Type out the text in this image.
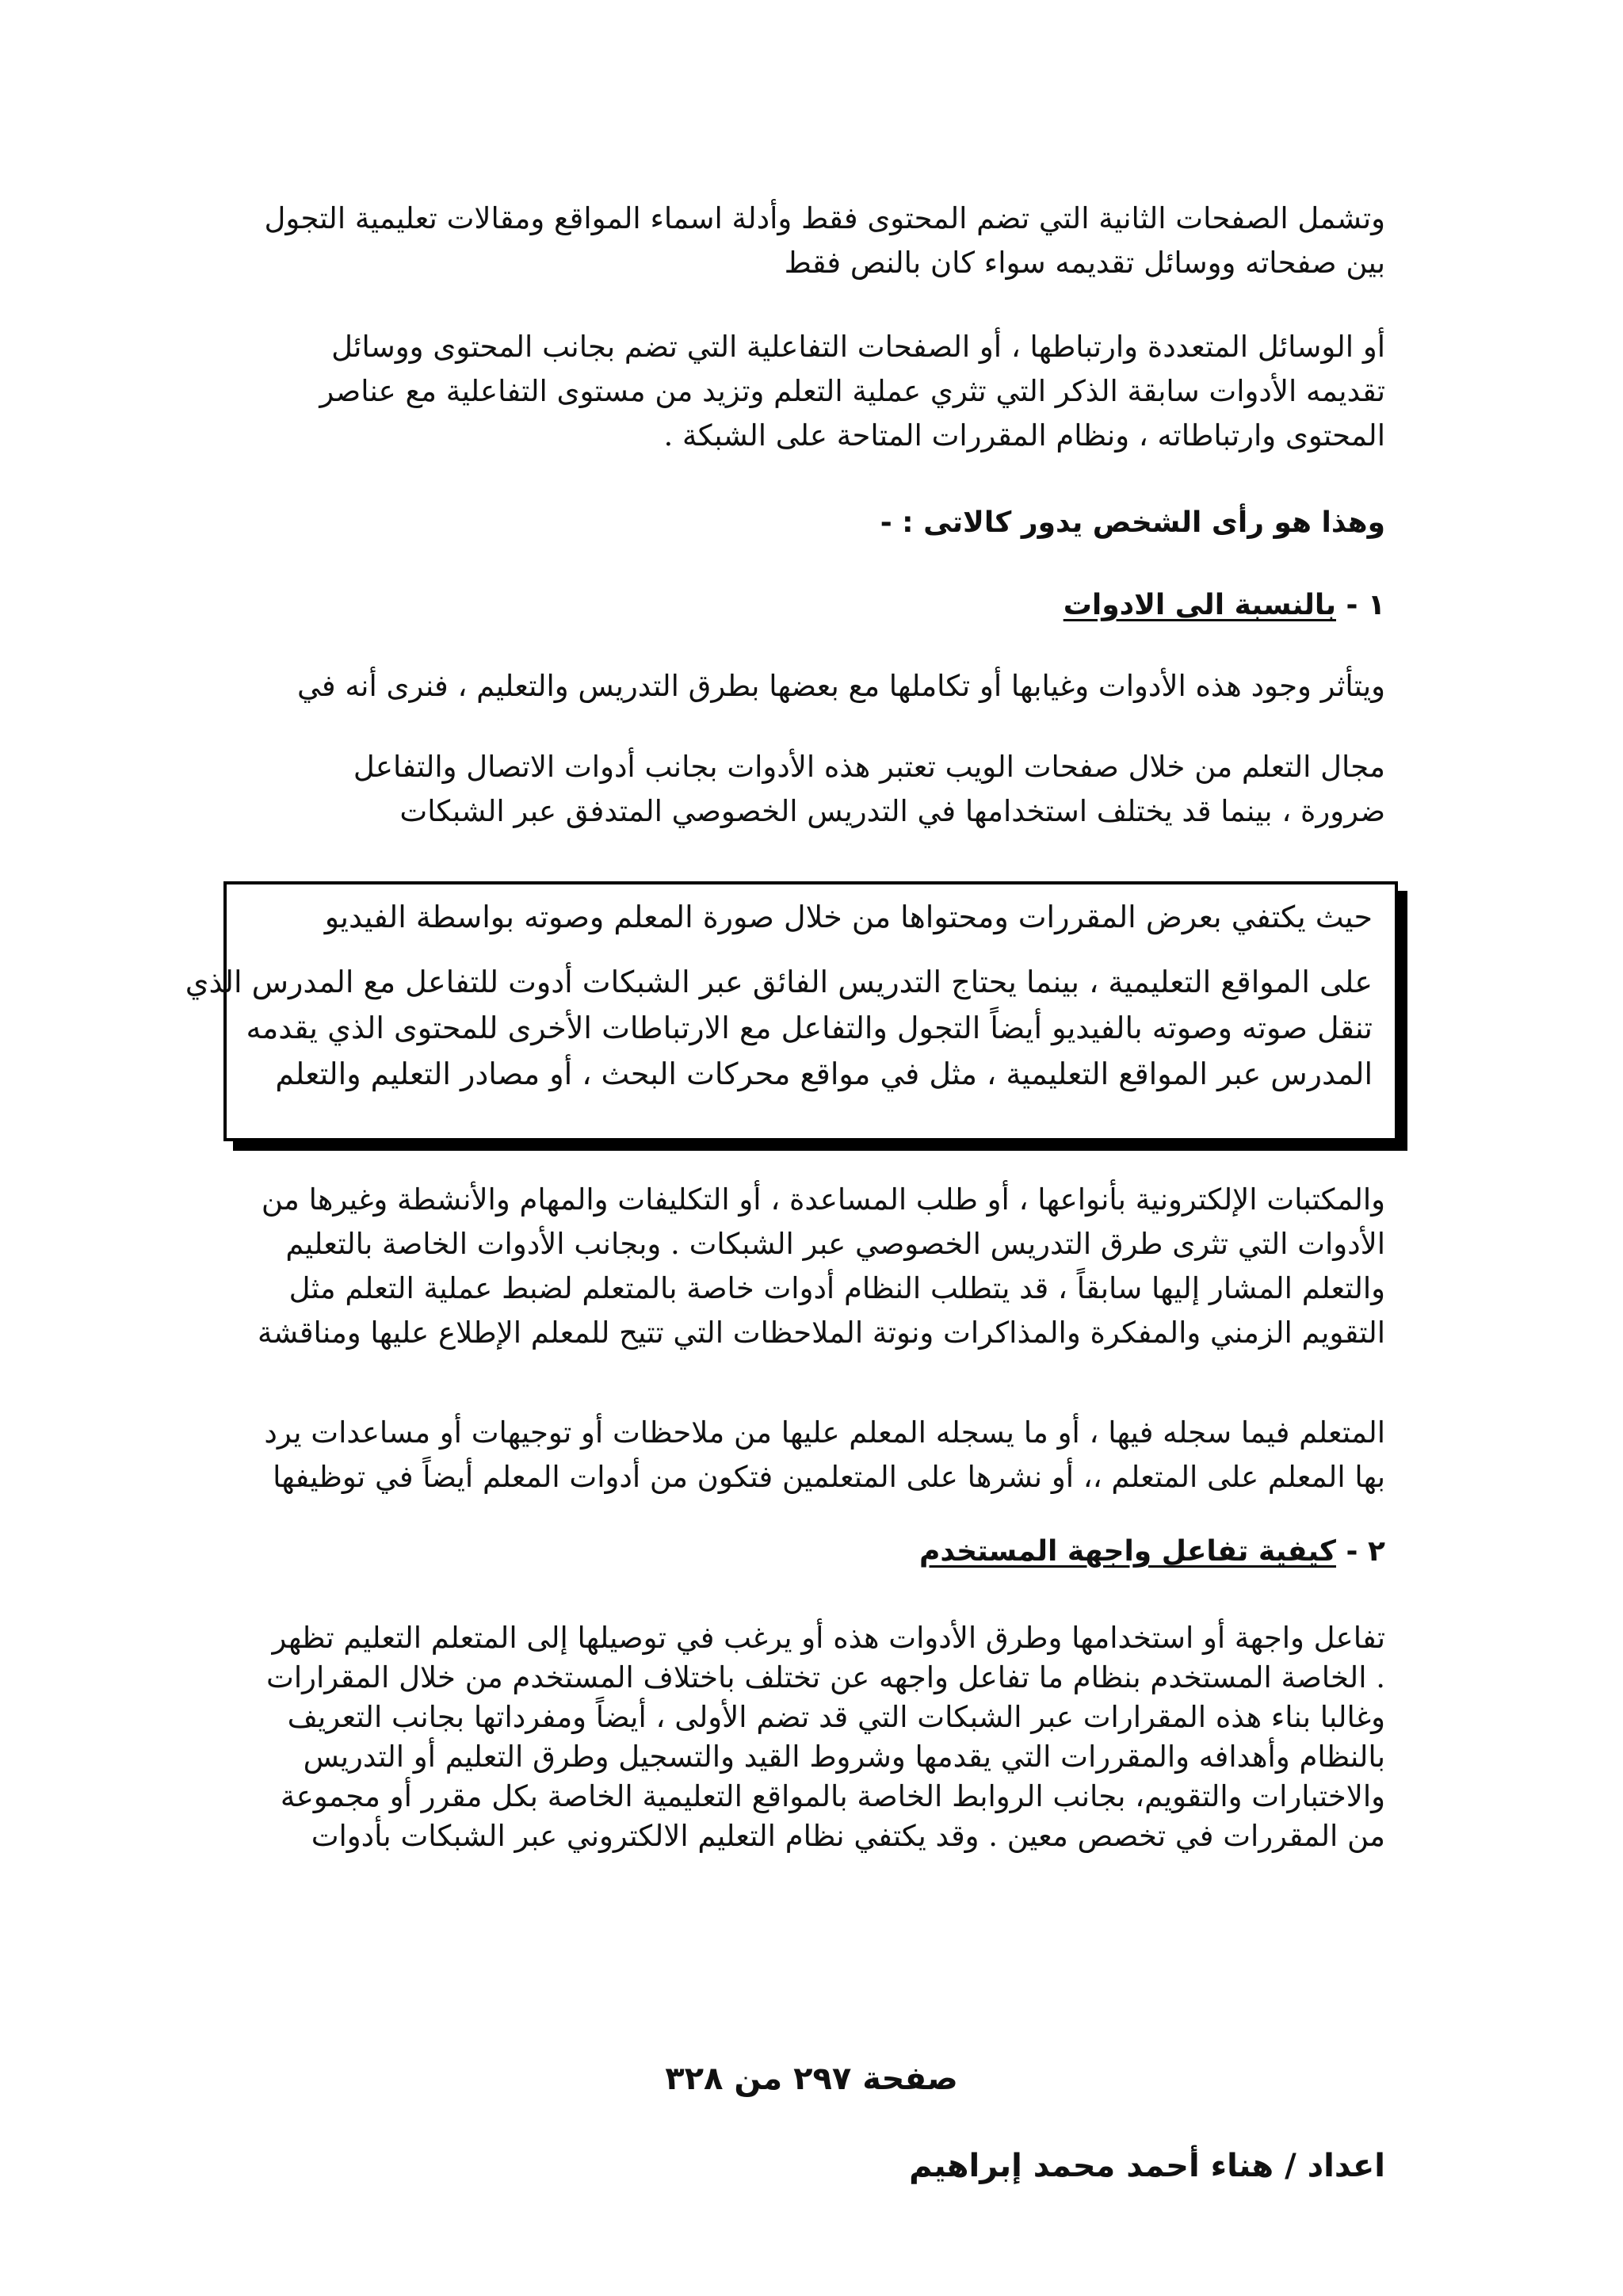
وتشمل الصفحات الثانية التي تضم المحتوى فقط وأدلة اسماء المواقع ومقالات تعليمية التجول
بين صفحاته ووسائل تقديمه سواء كان بالنص فقط
أو الوسائل المتعددة وارتباطها ، أو الصفحات التفاعلية التي تضم بجانب المحتوى ووسائل
تقديمه الأدوات سابقة الذكر التي تثري عملية التعلم وتزيد من مستوى التفاعلية مع عناصر
المحتوى وارتباطاته ، ونظام المقررات المتاحة على الشبكة .
وهذا هو رأى الشخص يدور كالاتى : -
١ - بالنسبة الى الادوات
ويتأثر وجود هذه الأدوات وغيابها أو تكاملها مع بعضها بطرق التدريس والتعليم ، فنرى أنه في
مجال التعلم من خلال صفحات الويب تعتبر هذه الأدوات بجانب أدوات الاتصال والتفاعل
ضرورة ، بينما قد يختلف استخدامها في التدريس الخصوصي المتدفق عبر الشبكات
حيث يكتفي بعرض المقررات ومحتواها من خلال صورة المعلم وصوته بواسطة الفيديو
على المواقع التعليمية ، بينما يحتاج التدريس الفائق عبر الشبكات أدوت للتفاعل مع المدرس الذي
تنقل صوته وصوته بالفيديو أيضاً التجول والتفاعل مع الارتباطات الأخرى للمحتوى الذي يقدمه
المدرس عبر المواقع التعليمية ، مثل في مواقع محركات البحث ، أو مصادر التعليم والتعلم
والمكتبات الإلكترونية بأنواعها ، أو طلب المساعدة ، أو التكليفات والمهام والأنشطة وغيرها من
الأدوات التي تثرى طرق التدريس الخصوصي عبر الشبكات . وبجانب الأدوات الخاصة بالتعليم
والتعلم المشار إليها سابقاً ، قد يتطلب النظام أدوات خاصة بالمتعلم لضبط عملية التعلم مثل
التقويم الزمني والمفكرة والمذاكرات ونوتة الملاحظات التي تتيح للمعلم الإطلاع عليها ومناقشة
المتعلم فيما سجله فيها ، أو ما يسجله المعلم عليها من ملاحظات أو توجيهات أو مساعدات يرد
بها المعلم على المتعلم ،، أو نشرها على المتعلمين فتكون من أدوات المعلم أيضاً في توظيفها
٢ - كيفية تفاعل واجهة المستخدم
تفاعل واجهة أو استخدامها وطرق الأدوات هذه أو يرغب في توصيلها إلى المتعلم التعليم تظهر
. الخاصة المستخدم بنظام ما تفاعل واجهه عن تختلف باختلاف المستخدم من خلال المقرارات
وغالبا بناء هذه المقرارات عبر الشبكات التي قد تضم الأولى ، أيضاً ومفرداتها بجانب التعريف
بالنظام وأهدافه والمقررات التي يقدمها وشروط القيد والتسجيل وطرق التعليم أو التدريس
والاختبارات والتقويم، بجانب الروابط الخاصة بالمواقع التعليمية الخاصة بكل مقرر أو مجموعة
من المقررات في تخصص معين . وقد يكتفي نظام التعليم الالكتروني عبر الشبكات بأدوات
صفحة ٢٩٧ من ٣٢٨
اعداد / هناء أحمد محمد إبراهيم
